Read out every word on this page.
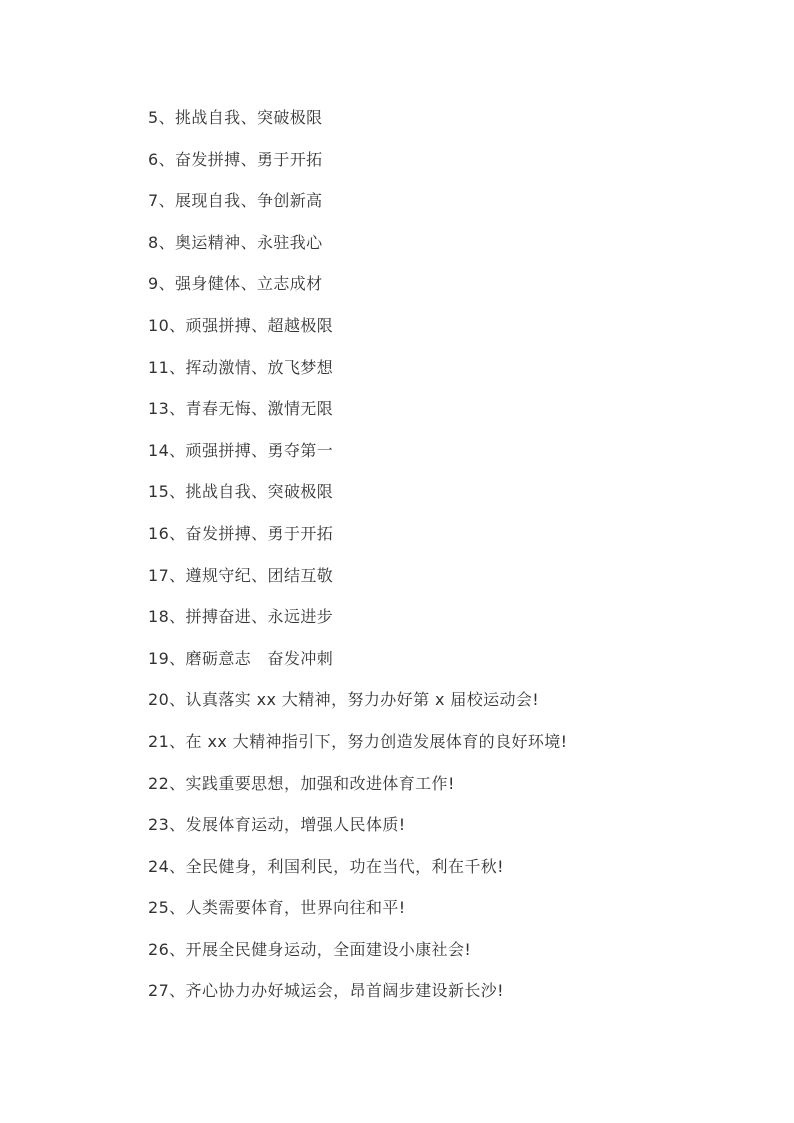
5、挑战自我、突破极限
6、奋发拼搏、勇于开拓
7、展现自我、争创新高
8、奥运精神、永驻我心
9、强身健体、立志成材
10、顽强拼搏、超越极限
11、挥动激情、放飞梦想
13、青春无悔、激情无限
14、顽强拼搏、勇夺第一
15、挑战自我、突破极限
16、奋发拼搏、勇于开拓
17、遵规守纪、团结互敬
18、拼搏奋进、永远进步
19、磨砺意志　奋发冲刺
20、认真落实 xx 大精神，努力办好第 x 届校运动会!
21、在 xx 大精神指引下，努力创造发展体育的良好环境!
22、实践重要思想，加强和改进体育工作!
23、发展体育运动，增强人民体质!
24、全民健身，利国利民，功在当代，利在千秋!
25、人类需要体育，世界向往和平!
26、开展全民健身运动，全面建设小康社会!
27、齐心协力办好城运会，昂首阔步建设新长沙!
